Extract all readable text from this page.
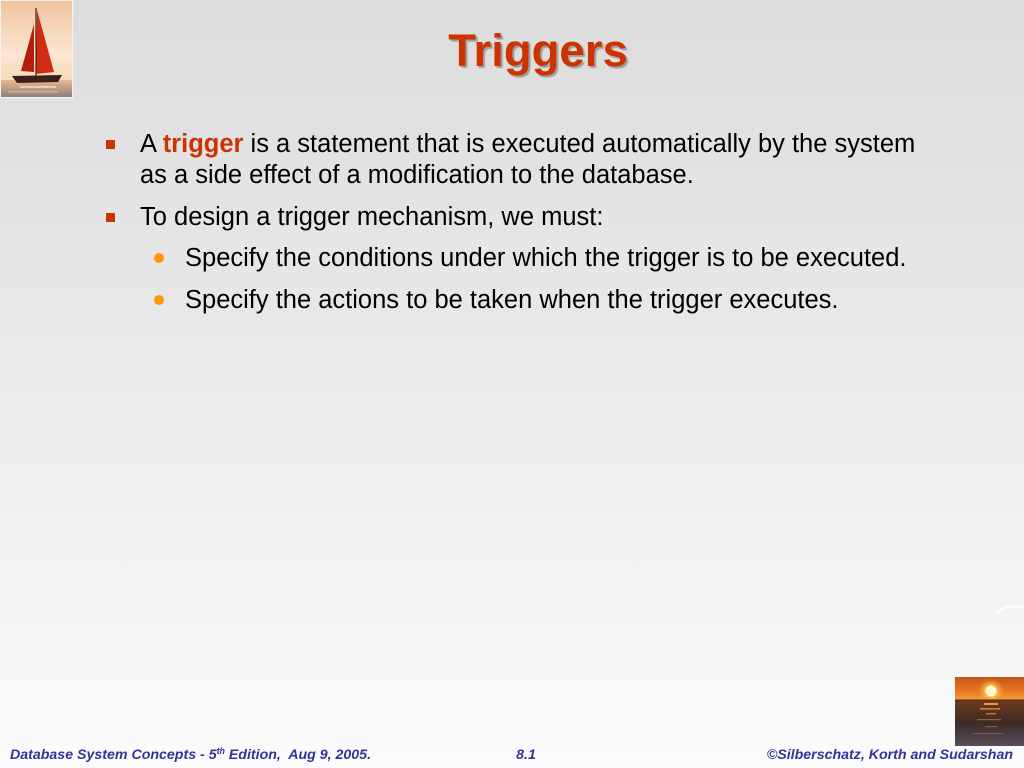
Triggers
A trigger is a statement that is executed automatically by the system as a side effect of a modification to the database.
To design a trigger mechanism, we must:
Specify the conditions under which the trigger is to be executed.
Specify the actions to be taken when the trigger executes.
Database System Concepts - 5th Edition,  Aug 9, 2005.	8.1	©Silberschatz, Korth and Sudarshan
